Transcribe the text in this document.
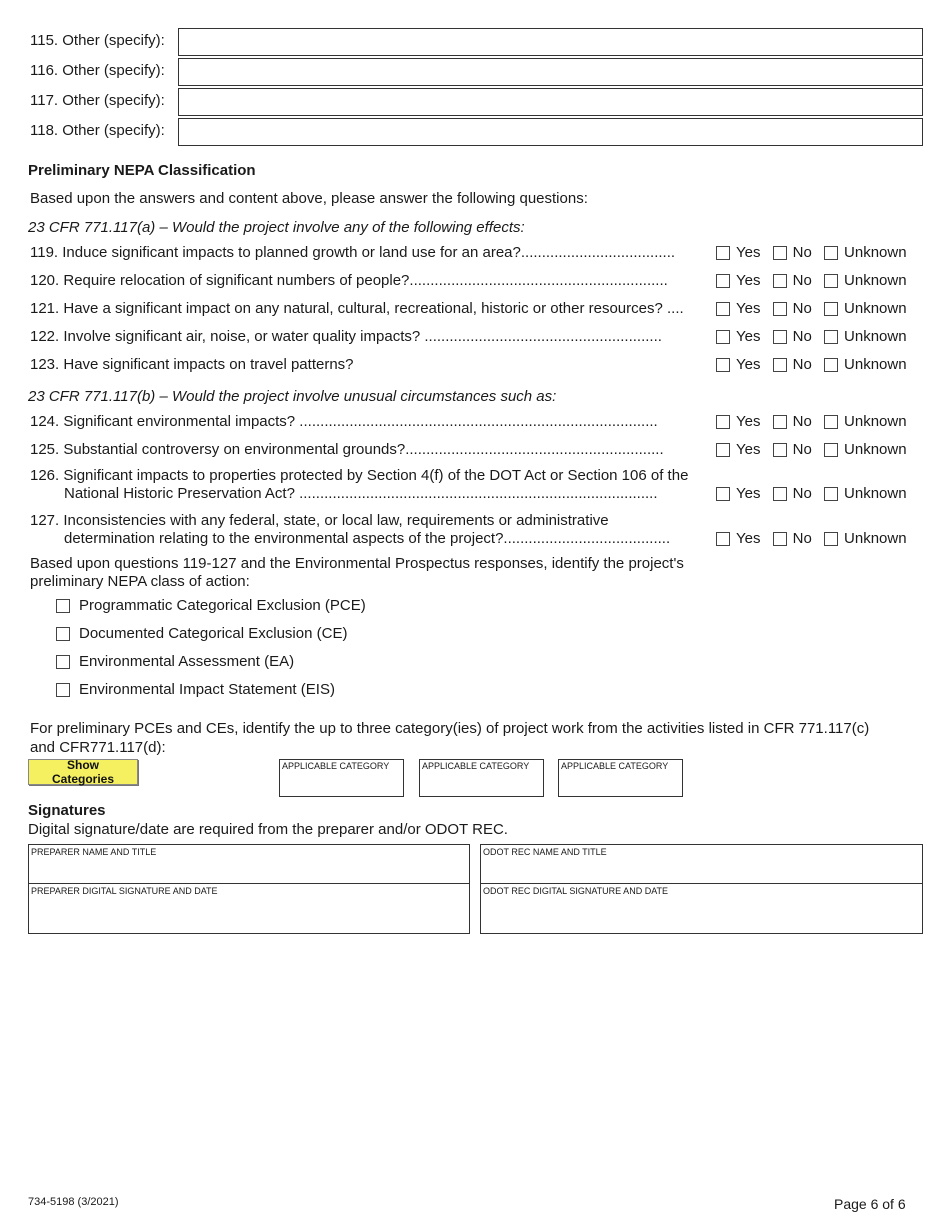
115. Other (specify):
116. Other (specify):
117. Other (specify):
118. Other (specify):
Preliminary NEPA Classification
Based upon the answers and content above, please answer the following questions:
23 CFR 771.117(a) – Would the project involve any of the following effects:
119. Induce significant impacts to planned growth or land use for an area?.....................................	Yes
No
Unknown
120. Require relocation of significant numbers of people?..............................................................	Yes
No
Unknown
121. Have a significant impact on any natural, cultural, recreational, historic or other resources? ....	Yes
No
Unknown
122. Involve significant air, noise, or water quality impacts? .........................................................	Yes
No
Unknown
123. Have significant impacts on travel patterns?	Yes
No
Unknown
23 CFR 771.117(b) – Would the project involve unusual circumstances such as:
124. Significant environmental impacts? ......................................................................................	Yes
No
Unknown
125. Substantial controversy on environmental grounds?..............................................................	Yes
No
Unknown
126. Significant impacts to properties protected by Section 4(f) of the DOT Act or Section 106 of the
National Historic Preservation Act? ......................................................................................	Yes
No
Unknown
127. Inconsistencies with any federal, state, or local law, requirements or administrative
determination relating to the environmental aspects of the project?........................................	Yes
No
Unknown
Based upon questions 119-127 and the Environmental Prospectus responses, identify the project's
preliminary NEPA class of action:
Programmatic Categorical Exclusion (PCE)
Documented Categorical Exclusion (CE)
Environmental Assessment (EA)
Environmental Impact Statement (EIS)
For preliminary PCEs and CEs, identify the up to three category(ies) of project work from the activities listed in CFR 771.117(c)
and CFR771.117(d):
Show Categories
APPLICABLE CATEGORY	APPLICABLE CATEGORY	APPLICABLE CATEGORY
Signatures
Digital signature/date are required from the preparer and/or ODOT REC.
PREPARER NAME AND TITLE
PREPARER DIGITAL SIGNATURE AND DATE
ODOT REC NAME AND TITLE
ODOT REC DIGITAL SIGNATURE AND DATE
734-5198 (3/2021)	Page 6 of 6
